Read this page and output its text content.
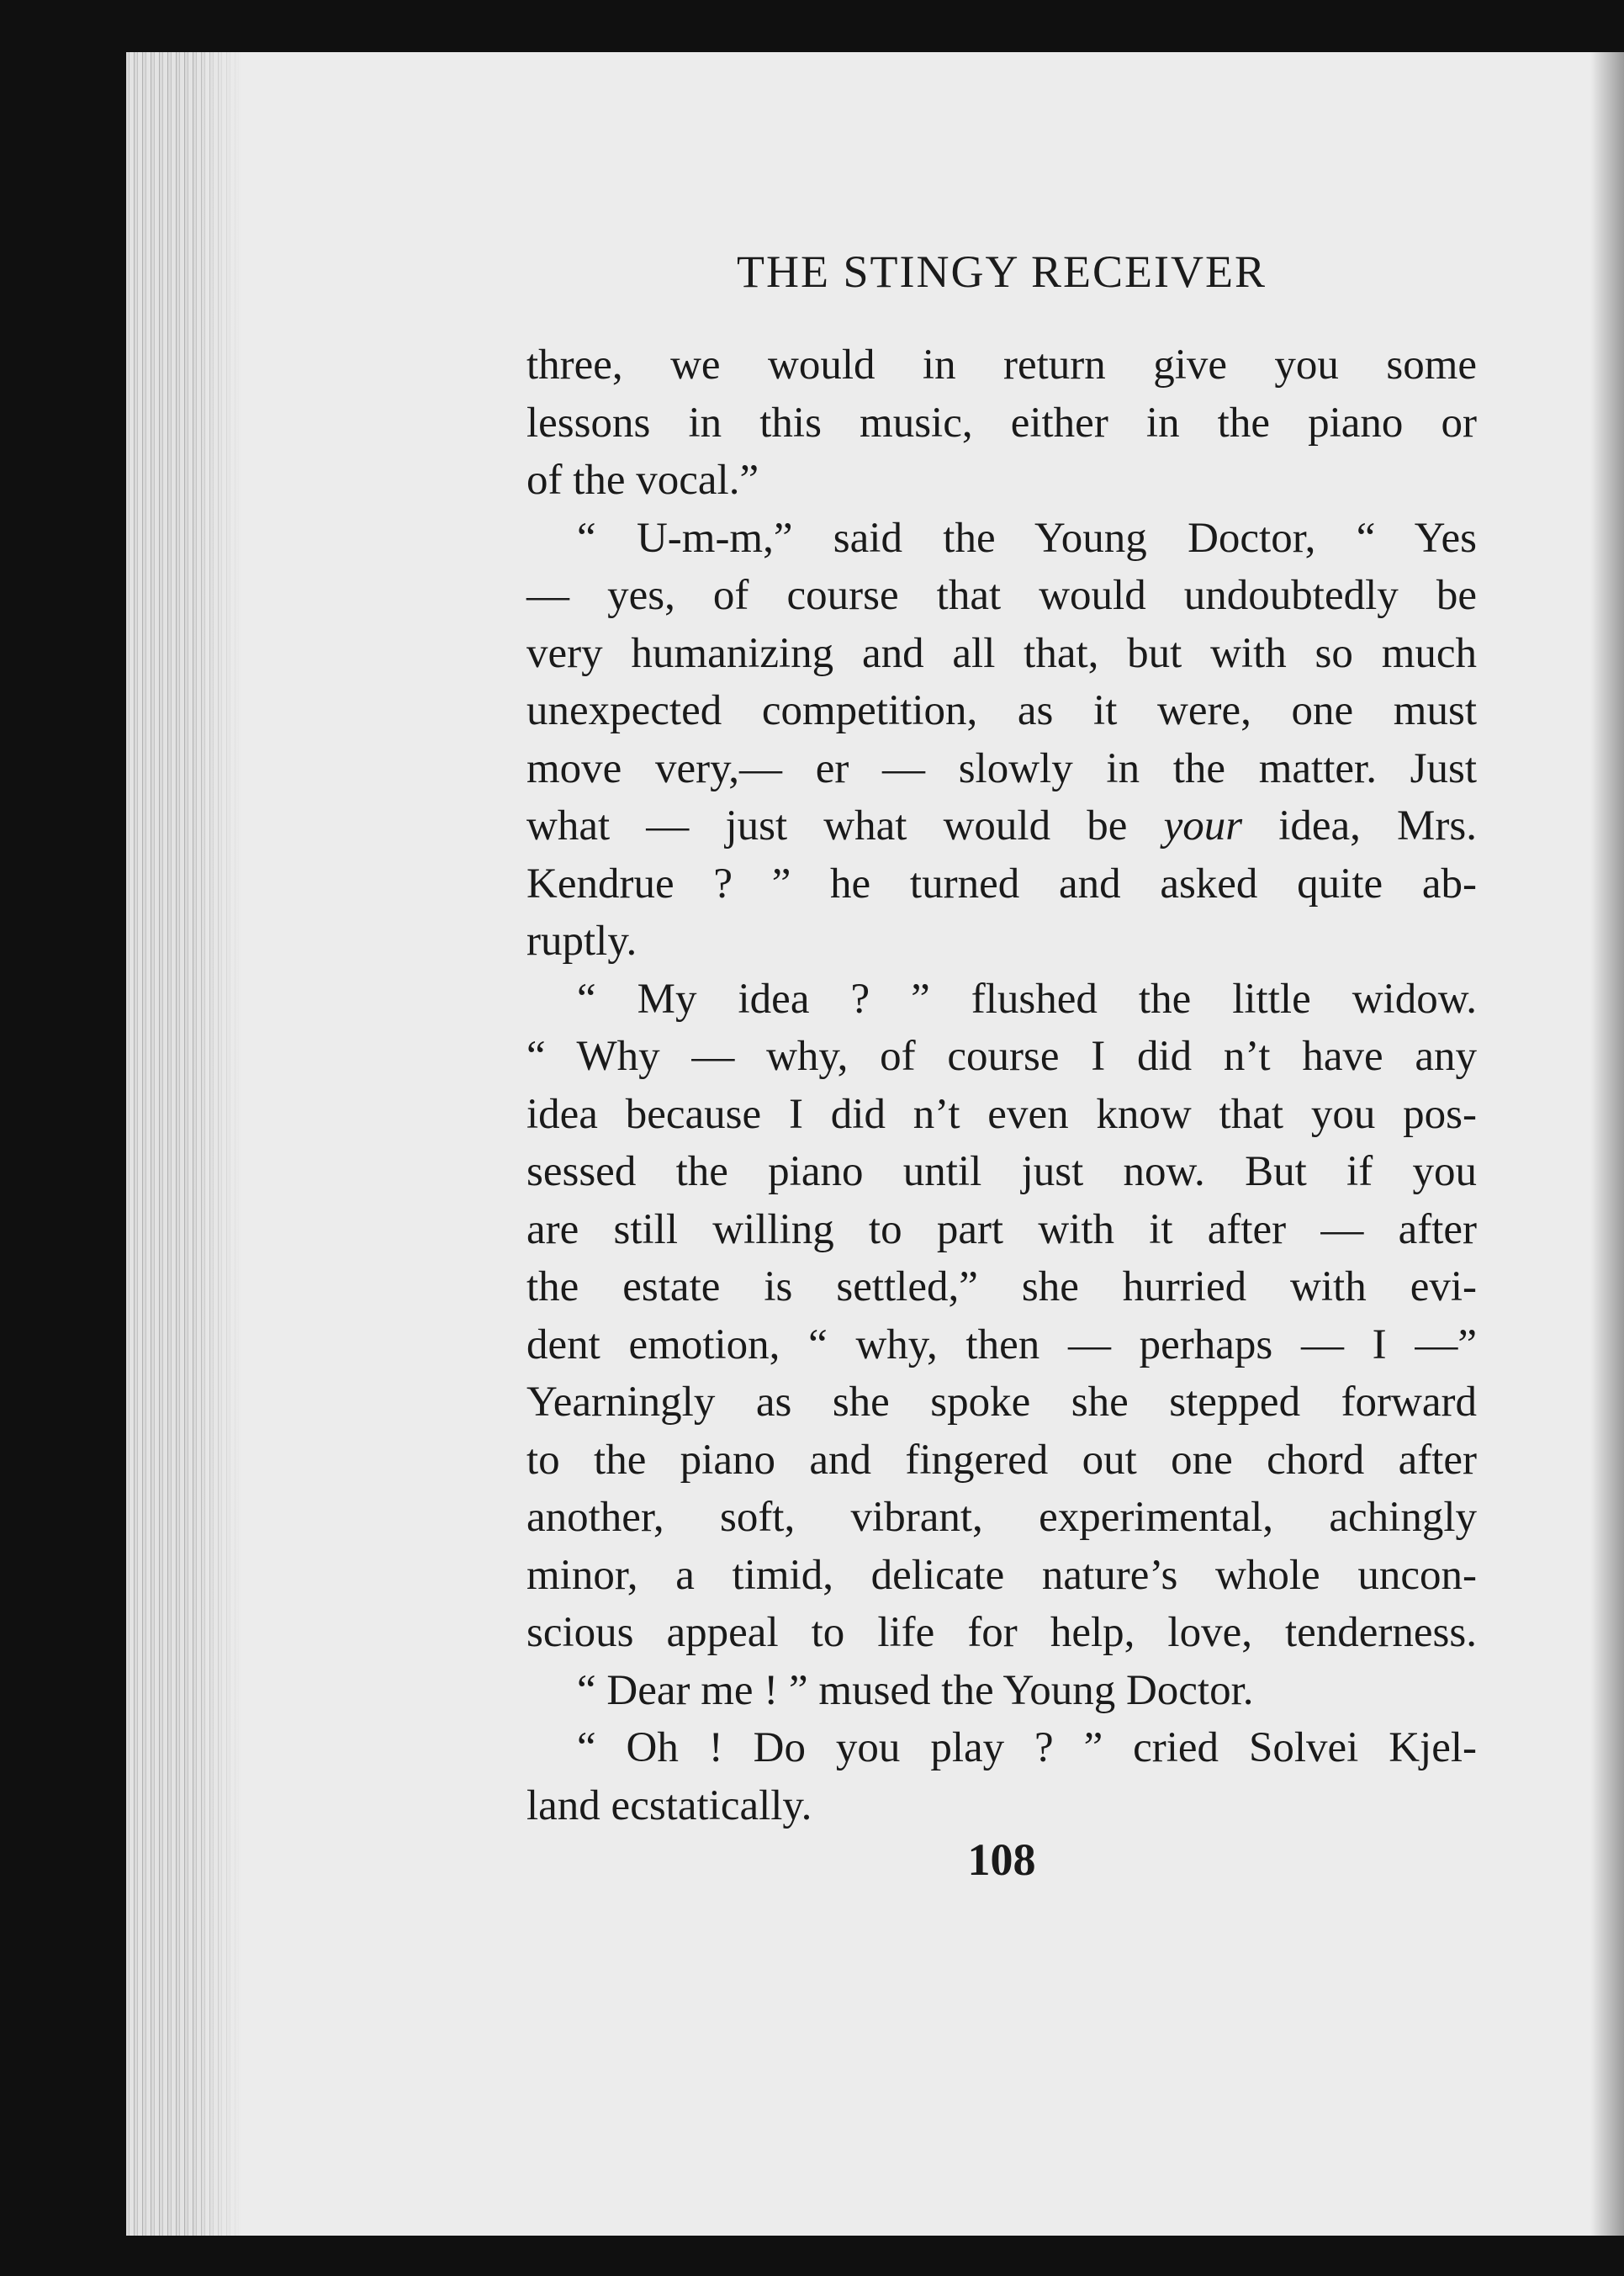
THE STINGY RECEIVER
three, we would in return give you some
lessons in this music, either in the piano or
of the vocal.”
“ U-m-m,” said the Young Doctor, “ Yes
— yes, of course that would undoubtedly be
very humanizing and all that, but with so much
unexpected competition, as it were, one must
move very,— er — slowly in the matter. Just
what — just what would be your idea, Mrs.
Kendrue ? ” he turned and asked quite ab-
ruptly.
“ My idea ? ” flushed the little widow.
“ Why — why, of course I did n’t have any
idea because I did n’t even know that you pos-
sessed the piano until just now. But if you
are still willing to part with it after — after
the estate is settled,” she hurried with evi-
dent emotion, “ why, then — perhaps — I —”
Yearningly as she spoke she stepped forward
to the piano and fingered out one chord after
another, soft, vibrant, experimental, achingly
minor, a timid, delicate nature’s whole uncon-
scious appeal to life for help, love, tenderness.
“ Dear me ! ” mused the Young Doctor.
“ Oh ! Do you play ? ” cried Solvei Kjel-
land ecstatically.
108
